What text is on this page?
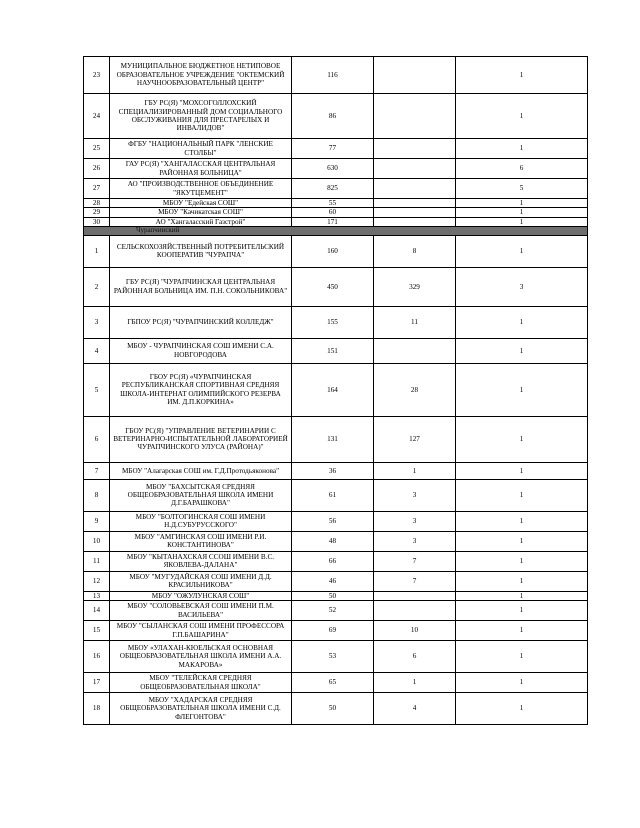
23	МУНИЦИПАЛЬНОЕ БЮДЖЕТНОЕ НЕТИПОВОЕ ОБРАЗОВАТЕЛЬНОЕ УЧРЕЖДЕНИЕ "ОКТЕМСКИЙ НАУЧНООБРАЗОВАТЕЛЬНЫЙ ЦЕНТР"	116		1
24	ГБУ РС(Я) "МОХСОГОЛЛОХСКИЙ СПЕЦИАЛИЗИРОВАННЫЙ ДОМ СОЦИАЛЬНОГО ОБСЛУЖИВАНИЯ ДЛЯ ПРЕСТАРЕЛЫХ И ИНВАЛИДОВ"	86		1
25	ФГБУ "НАЦИОНАЛЬНЫЙ ПАРК "ЛЕНСКИЕ СТОЛБЫ"	77		1
26	ГАУ РС(Я) "ХАНГАЛАССКАЯ ЦЕНТРАЛЬНАЯ РАЙОННАЯ БОЛЬНИЦА"	630		6
27	АО "ПРОИЗВОДСТВЕННОЕ ОБЪЕДИНЕНИЕ "ЯКУТЦЕМЕНТ"	825		5
28	МБОУ "Едейская СОШ"	55		1
29	МБОУ "Качикатская СОШ"	60		1
30	АО "Хангаласский Газстрой"	171		1
Чурапчинский				
1	СЕЛЬСКОХОЗЯЙСТВЕННЫЙ ПОТРЕБИТЕЛЬСКИЙ КООПЕРАТИВ "ЧУРАПЧА"	160	8	1
2	ГБУ РС(Я) "ЧУРАПЧИНСКАЯ ЦЕНТРАЛЬНАЯ РАЙОННАЯ БОЛЬНИЦА ИМ. П.Н. СОКОЛЬНИКОВА"	450	329	3
3	ГБПОУ РС(Я) "ЧУРАПЧИНСКИЙ КОЛЛЕДЖ"	155	11	1
4	МБОУ - ЧУРАПЧИНСКАЯ СОШ ИМЕНИ С.А. НОВГОРОДОВА	151		1
5	ГБОУ РС(Я) «ЧУРАПЧИНСКАЯ РЕСПУБЛИКАНСКАЯ СПОРТИВНАЯ СРЕДНЯЯ ШКОЛА-ИНТЕРНАТ ОЛИМПИЙСКОГО РЕЗЕРВА ИМ. Д.П.КОРКИНА»	164	28	1
6	ГБОУ РС(Я) "УПРАВЛЕНИЕ ВЕТЕРИНАРИИ С ВЕТЕРИНАРНО-ИСПЫТАТЕЛЬНОЙ ЛАБОРАТОРИЕЙ ЧУРАПЧИНСКОГО УЛУСА (РАЙОНА)"	131	127	1
7	МБОУ "Алагарская СОШ им. Г.Д.Протодьяконова"	36	1	1
8	МБОУ "БАХСЫТСКАЯ СРЕДНЯЯ ОБЩЕОБРАЗОВАТЕЛЬНАЯ ШКОЛА ИМЕНИ Д.Г.БАРАШКОВА"	61	3	1
9	МБОУ "БОЛТОГИНСКАЯ СОШ ИМЕНИ Н.Д.СУБУРУССКОГО"	56	3	1
10	МБОУ "АМГИНСКАЯ СОШ ИМЕНИ Р.И. КОНСТАНТИНОВА"	48	3	1
11	МБОУ "КЫТАНАХСКАЯ ССОШ ИМЕНИ В.С. ЯКОВЛЕВА-ДАЛАНА"	66	7	1
12	МБОУ "МУГУДАЙСКАЯ СОШ ИМЕНИ Д.Д. КРАСИЛЬНИКОВА"	46	7	1
13	МБОУ "ОЖУЛУНСКАЯ СОШ"	50		1
14	МБОУ "СОЛОВЬЕВСКАЯ СОШ ИМЕНИ П.М. ВАСИЛЬЕВА"	52		1
15	МБОУ "СЫЛАНСКАЯ СОШ ИМЕНИ ПРОФЕССОРА Г.П.БАШАРИНА"	69	10	1
16	МБОУ «УЛАХАН-КЮЕЛЬСКАЯ ОСНОВНАЯ ОБЩЕОБРАЗОВАТЕЛЬНАЯ ШКОЛА ИМЕНИ А.А. МАКАРОВА»	53	6	1
17	МБОУ "ТЕЛЕЙСКАЯ СРЕДНЯЯ ОБЩЕОБРАЗОВАТЕЛЬНАЯ ШКОЛА"	65	1	1
18	МБОУ "ХАДАРСКАЯ СРЕДНЯЯ ОБЩЕОБРАЗОВАТЕЛЬНАЯ ШКОЛА ИМЕНИ С.Д. ФЛЕГОНТОВА"	50	4	1
